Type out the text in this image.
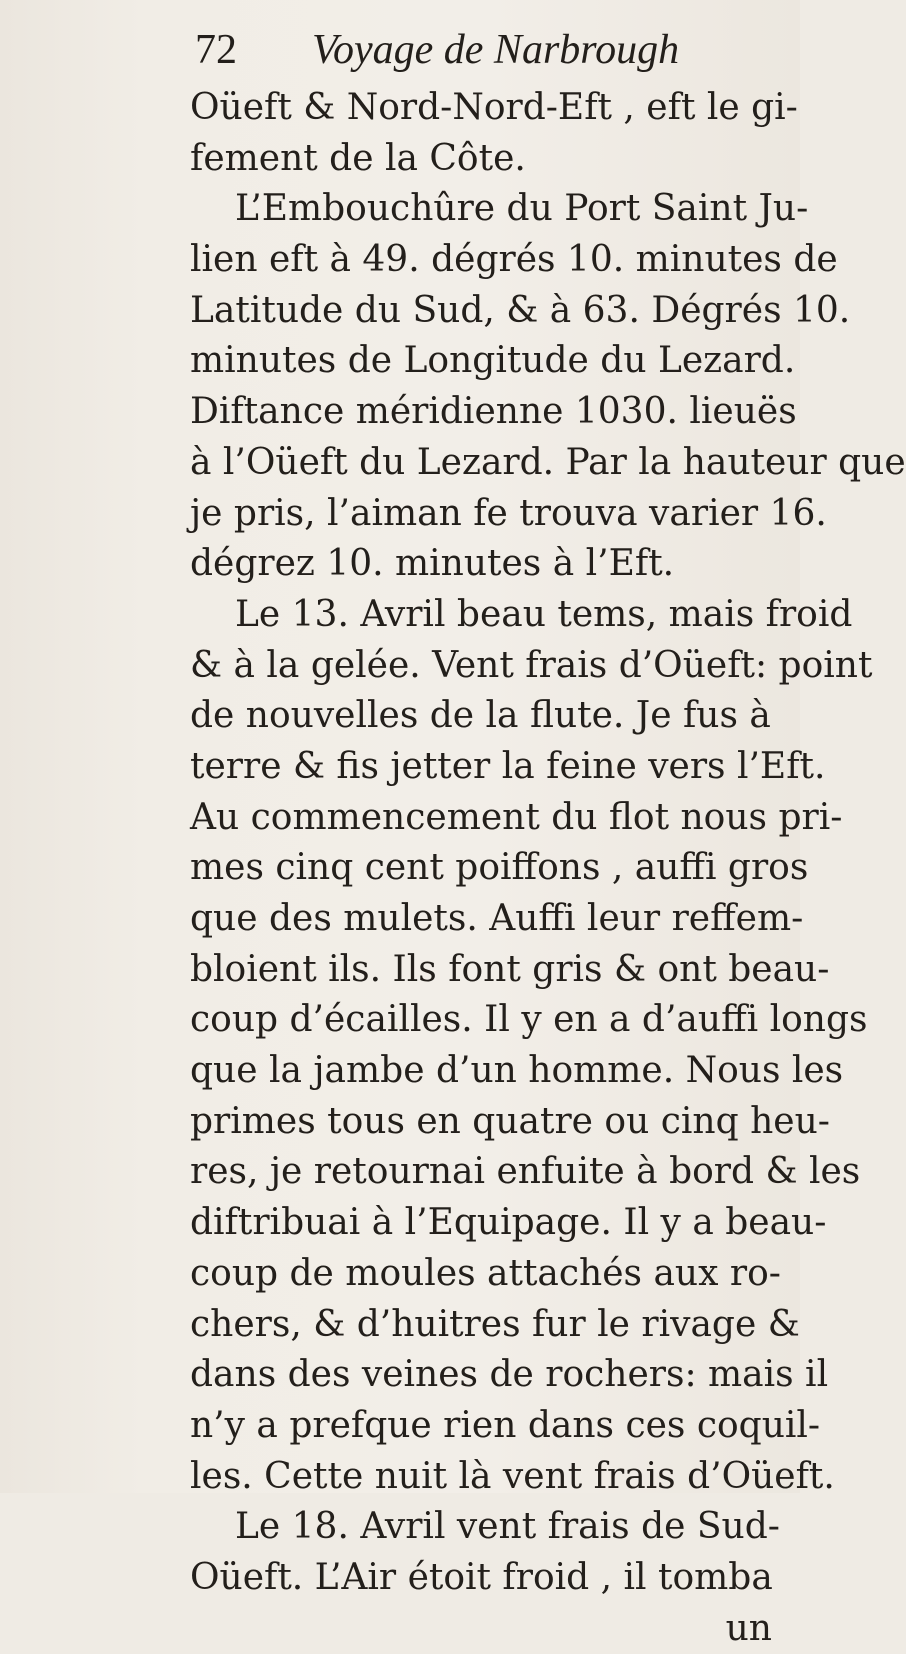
72 Voyage de Narbrough
Oüeft & Nord-Nord-Eft , eft le gi-
fement de la Côte.
L’Embouchûre du Port Saint Ju-
lien eft à 49. dégrés 10. minutes de
Latitude du Sud, & à 63. Dégrés 10.
minutes de Longitude du Lezard.
Diftance méridienne 1030. lieuës
à l’Oüeft du Lezard. Par la hauteur que
je pris, l’aiman fe trouva varier 16.
dégrez 10. minutes à l’Eft.
Le 13. Avril beau tems, mais froid
& à la gelée. Vent frais d’Oüeft: point
de nouvelles de la flute. Je fus à
terre & fis jetter la feine vers l’Eft.
Au commencement du flot nous pri-
mes cinq cent poiffons , auffi gros
que des mulets. Auffi leur reffem-
bloient ils. Ils font gris & ont beau-
coup d’écailles. Il y en a d’auffi longs
que la jambe d’un homme. Nous les
primes tous en quatre ou cinq heu-
res, je retournai enfuite à bord & les
diftribuai à l’Equipage. Il y a beau-
coup de moules attachés aux ro-
chers, & d’huitres fur le rivage &
dans des veines de rochers: mais il
n’y a prefque rien dans ces coquil-
les. Cette nuit là vent frais d’Oüeft.
Le 18. Avril vent frais de Sud-
Oüeft. L’Air étoit froid , il tomba
un
